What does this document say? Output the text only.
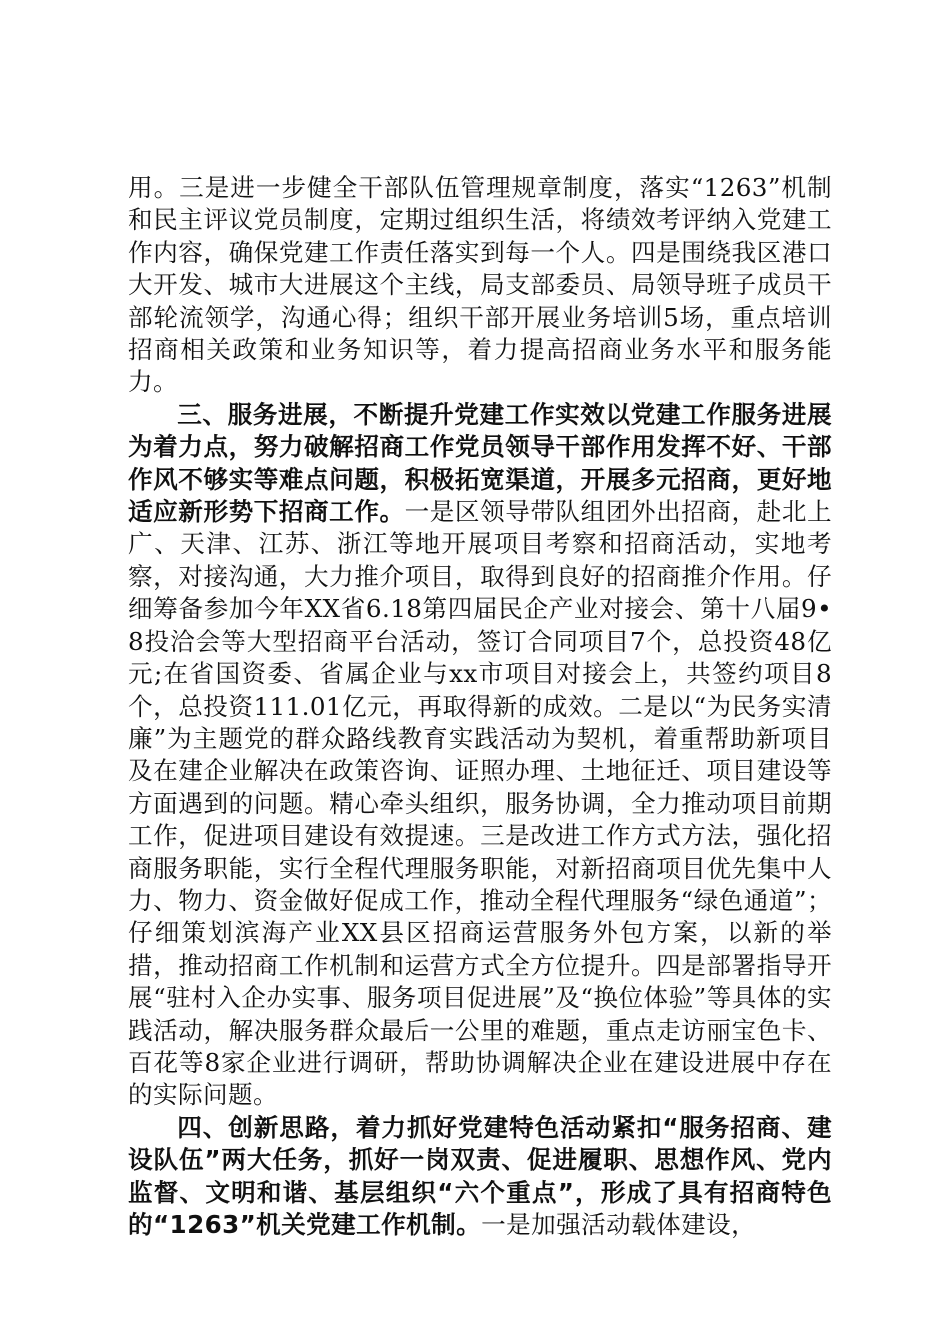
用。三是进一步健全干部队伍管理规章制度，落实“1263”机制和民主评议党员制度，定期过组织生活，将绩效考评纳入党建工作内容，确保党建工作责任落实到每一个人。四是围绕我区港口大开发、城市大进展这个主线，局支部委员、局领导班子成员干部轮流领学，沟通心得；组织干部开展业务培训5场，重点培训招商相关政策和业务知识等，着力提高招商业务水平和服务能力。

三、服务进展，不断提升党建工作实效以党建工作服务进展为着力点，努力破解招商工作党员领导干部作用发挥不好、干部作风不够实等难点问题，积极拓宽渠道，开展多元招商，更好地适应新形势下招商工作。一是区领导带队组团外出招商，赴北上广、天津、江苏、浙江等地开展项目考察和招商活动，实地考察，对接沟通，大力推介项目，取得到良好的招商推介作用。仔细筹备参加今年XX省6.18第四届民企产业对接会、第十八届9•8投洽会等大型招商平台活动，签订合同项目7个，总投资48亿元;在省国资委、省属企业与xx市项目对接会上，共签约项目8个，总投资111.01亿元，再取得新的成效。二是以“为民务实清廉”为主题党的群众路线教育实践活动为契机，着重帮助新项目及在建企业解决在政策咨询、证照办理、土地征迁、项目建设等方面遇到的问题。精心牵头组织，服务协调，全力推动项目前期工作，促进项目建设有效提速。三是改进工作方式方法，强化招商服务职能，实行全程代理服务职能，对新招商项目优先集中人力、物力、资金做好促成工作，推动全程代理服务“绿色通道”；仔细策划滨海产业XX县区招商运营服务外包方案，以新的举措，推动招商工作机制和运营方式全方位提升。四是部署指导开展“驻村入企办实事、服务项目促进展”及“换位体验”等具体的实践活动，解决服务群众最后一公里的难题，重点走访丽宝色卡、百花等8家企业进行调研，帮助协调解决企业在建设进展中存在的实际问题。

四、创新思路，着力抓好党建特色活动紧扣“服务招商、建设队伍”两大任务，抓好一岗双责、促进履职、思想作风、党内监督、文明和谐、基层组织“六个重点”，形成了具有招商特色的“1263”机关党建工作机制。一是加强活动载体建设，
